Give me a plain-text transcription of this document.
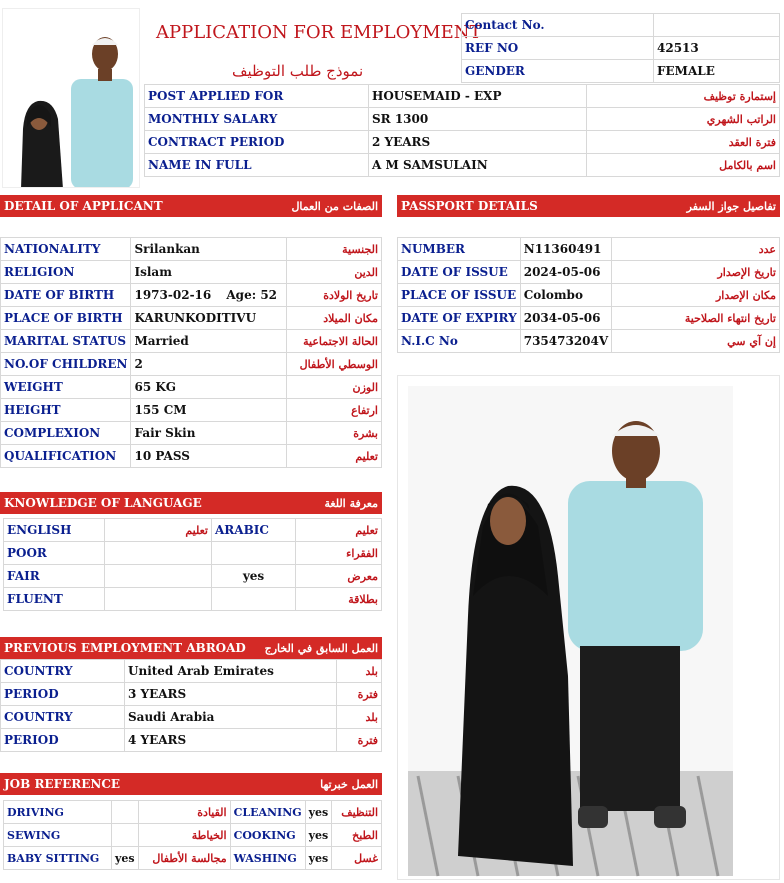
APPLICATION FOR EMPLOYMENT
نموذج طلب التوظيف
Contact No.	
REF NO	42513
GENDER	FEMALE
POST APPLIED FOR	HOUSEMAID - EXP	إستمارة توظيف
MONTHLY SALARY	SR 1300	الراتب الشهري
CONTRACT PERIOD	2 YEARS	فترة العقد
NAME IN FULL	A M SAMSULAIN	اسم بالكامل
DETAIL OF APPLICANT	الصفات من العمال
NATIONALITY	Srilankan		الجنسية
RELIGION	Islam		الدين
DATE OF BIRTH	1973-02-16	Age: 52	تاريخ الولادة
PLACE OF BIRTH	KARUNKODITIVU		مكان الميلاد
MARITAL STATUS	Married		الحالة الاجتماعية
NO.OF CHILDREN	2		الوسطي الأطفال
WEIGHT	65 KG		الوزن
HEIGHT	155 CM		ارتفاع
COMPLEXION	Fair Skin		بشرة
QUALIFICATION	10 PASS		تعليم
PASSPORT DETAILS	تفاصيل جواز السفر
NUMBER	N11360491	عدد
DATE OF ISSUE	2024-05-06	تاريخ الإصدار
PLACE OF ISSUE	Colombo	مكان الإصدار
DATE OF EXPIRY	2034-05-06	تاريخ انتهاء الصلاحية
N.I.C No	735473204V	إن آي سي
KNOWLEDGE OF LANGUAGE	معرفة اللغة
ENGLISH	تعليم	ARABIC	تعليم
POOR			الفقراء
FAIR		yes	معرض
FLUENT			بطلاقة
PREVIOUS EMPLOYMENT ABROAD العمل السابق في الخارج
COUNTRY	United Arab Emirates	بلد
PERIOD	3 YEARS	فترة
COUNTRY	Saudi Arabia	بلد
PERIOD	4 YEARS	فترة
JOB REFERENCE	العمل خبرتها
DRIVING		القيادة	CLEANING	yes	التنظيف
SEWING		الخياطة	COOKING	yes	الطبخ
BABY SITTING	yes	مجالسة الأطفال	WASHING	yes	غسل
